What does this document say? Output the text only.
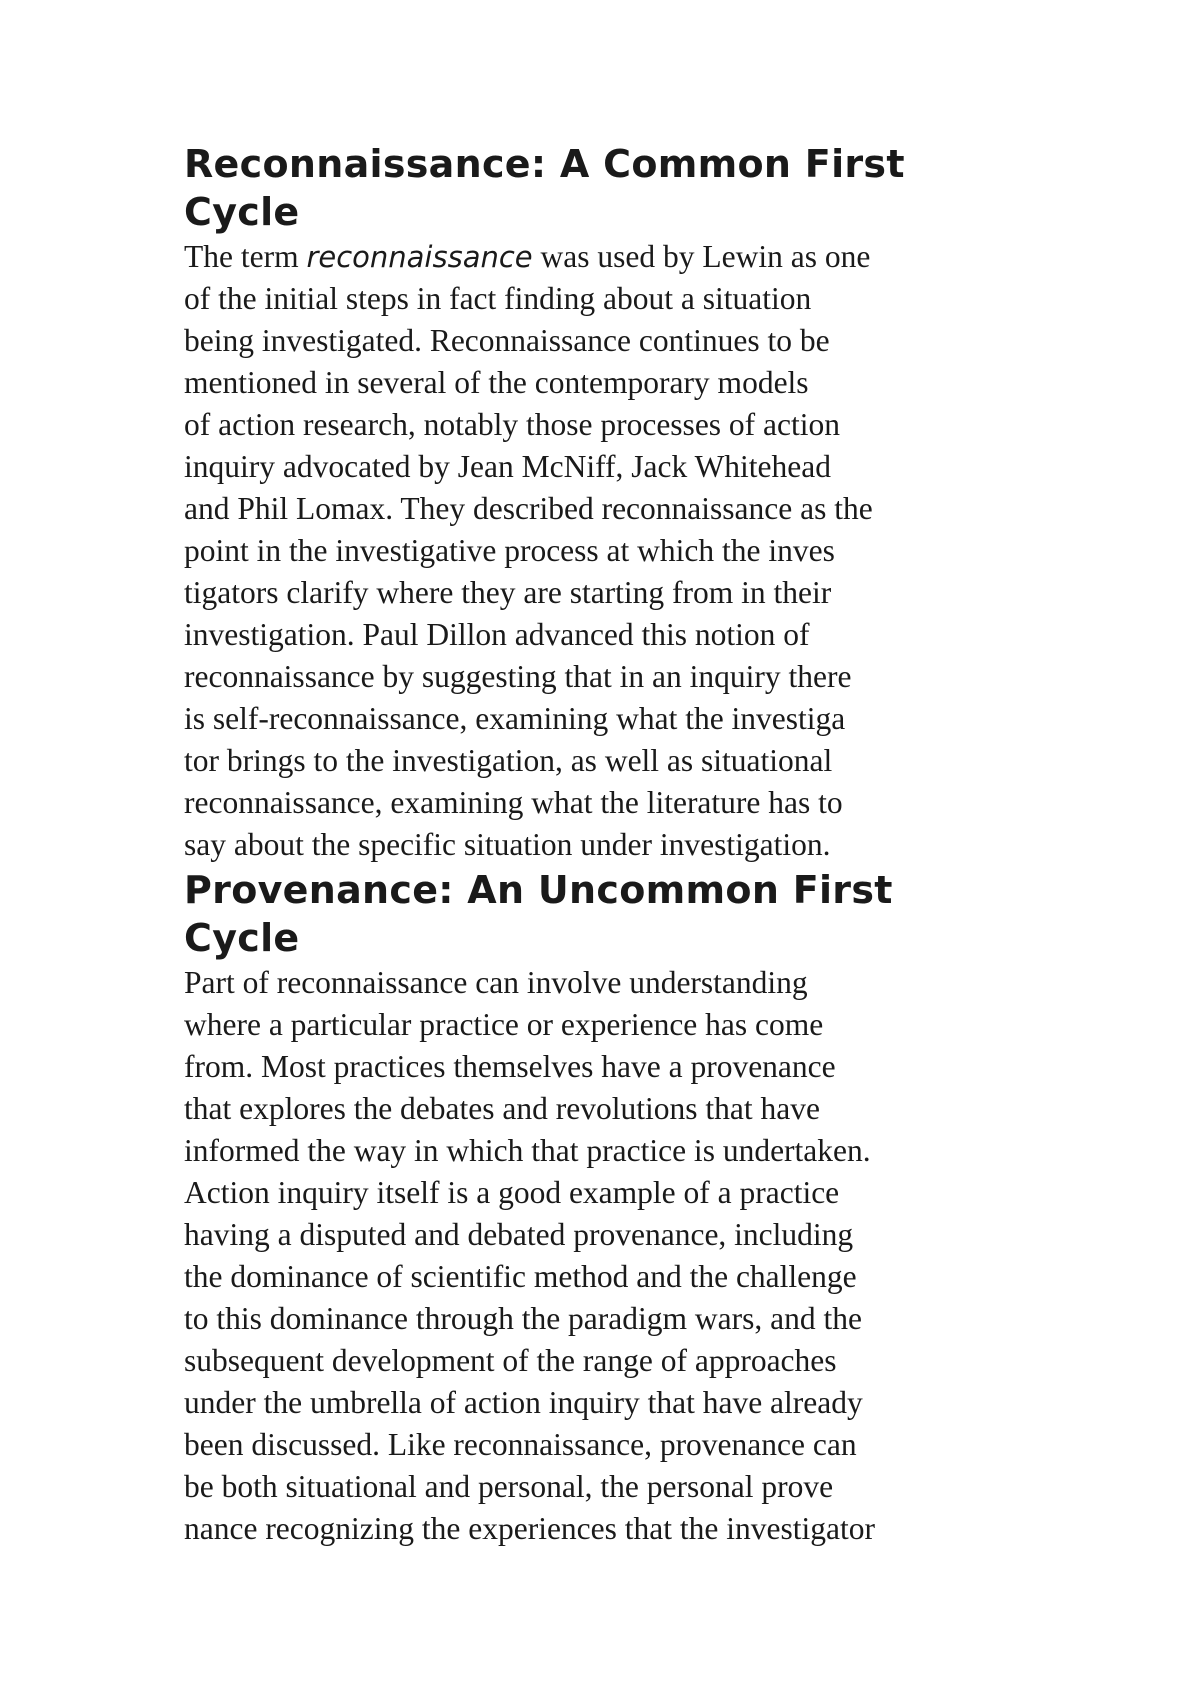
Reconnaissance: A Common First
Cycle
The term reconnaissance was used by Lewin as one
of the initial steps in fact finding about a situation
being investigated. Reconnaissance continues to be
mentioned in several of the contemporary models
of action research, notably those processes of action
inquiry advocated by Jean McNiff, Jack Whitehead
and Phil Lomax. They described reconnaissance as the
point in the investigative process at which the inves
tigators clarify where they are starting from in their
investigation. Paul Dillon advanced this notion of
reconnaissance by suggesting that in an inquiry there
is self-reconnaissance, examining what the investiga
tor brings to the investigation, as well as situational
reconnaissance, examining what the literature has to
say about the specific situation under investigation.
Provenance: An Uncommon First
Cycle
Part of reconnaissance can involve understanding
where a particular practice or experience has come
from. Most practices themselves have a provenance
that explores the debates and revolutions that have
informed the way in which that practice is undertaken.
Action inquiry itself is a good example of a practice
having a disputed and debated provenance, including
the dominance of scientific method and the challenge
to this dominance through the paradigm wars, and the
subsequent development of the range of approaches
under the umbrella of action inquiry that have already
been discussed. Like reconnaissance, provenance can
be both situational and personal, the personal prove
nance recognizing the experiences that the investigator
